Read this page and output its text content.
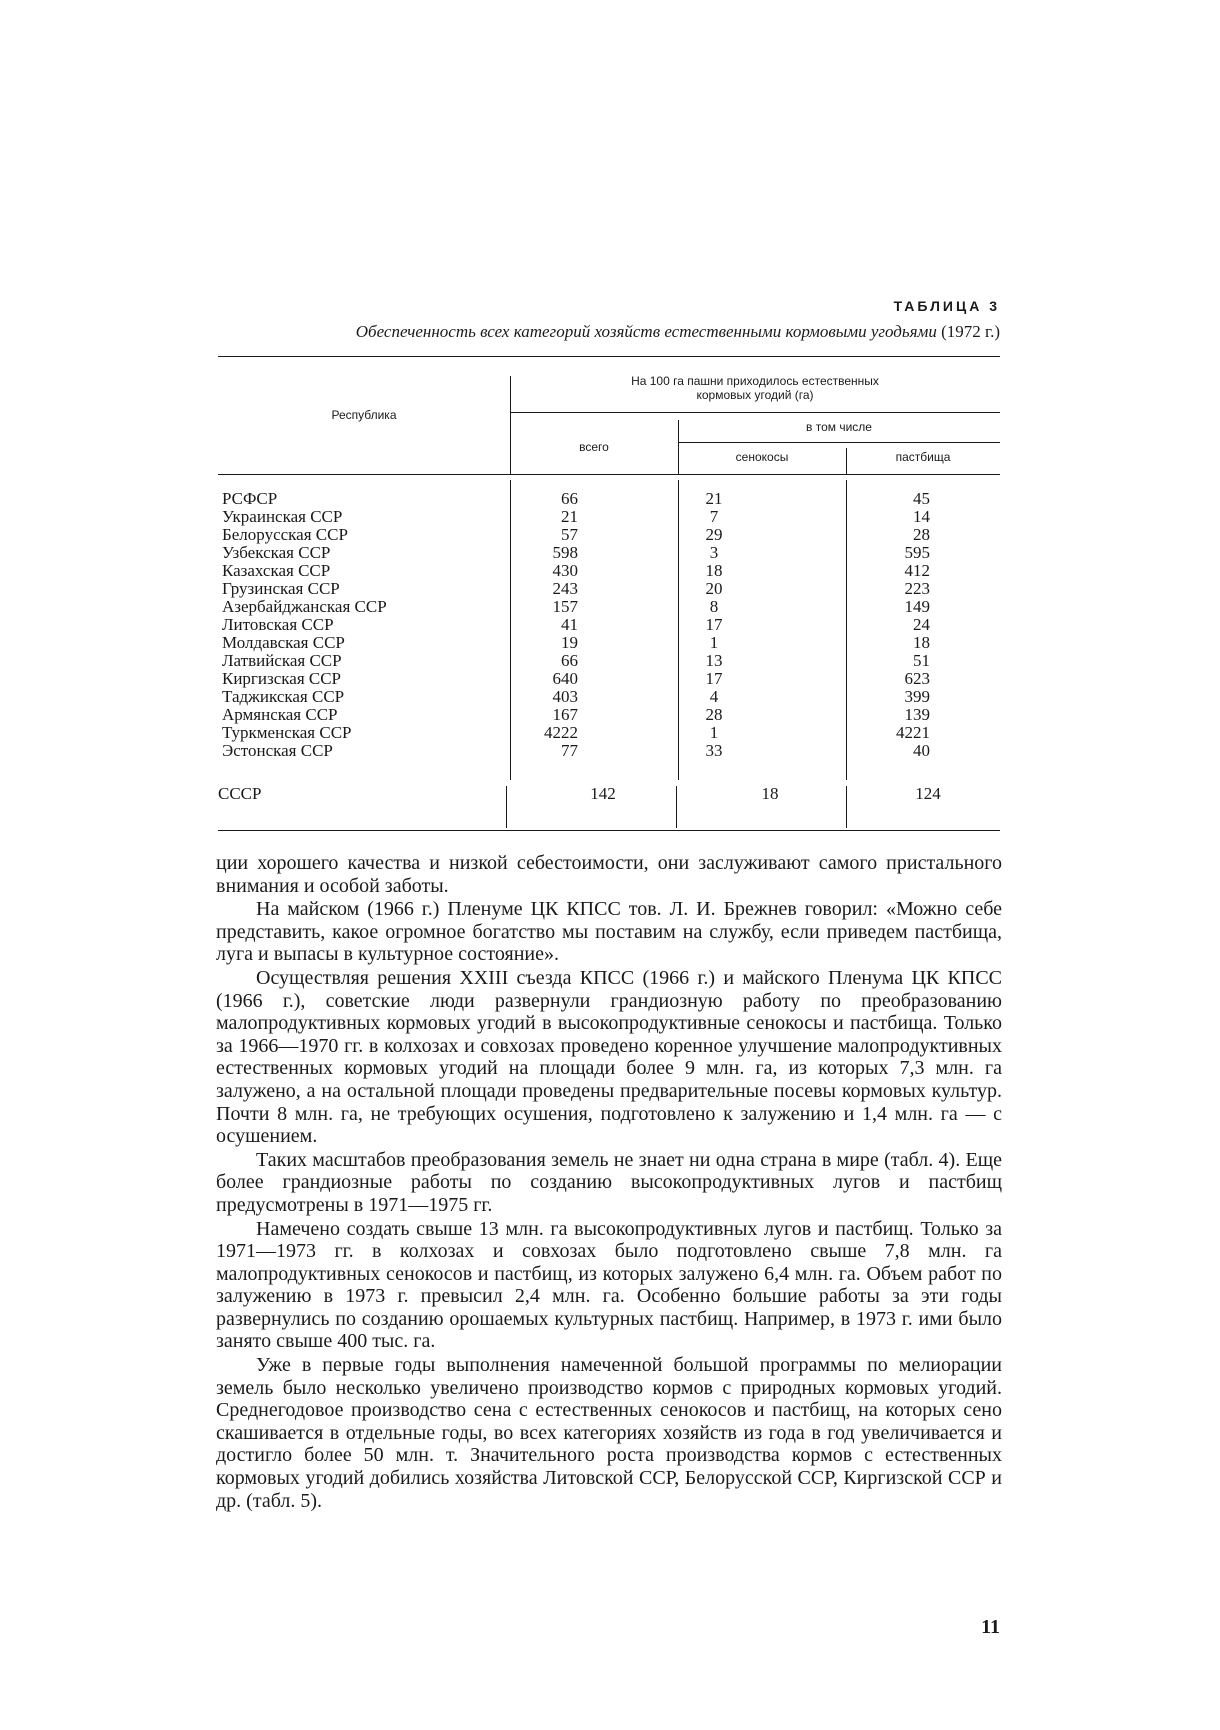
ТАБЛИЦА 3
Обеспеченность всех категорий хозяйств естественными кормовыми угодьями (1972 г.)
Республика
На 100 га пашни приходилось естественных
кормовых угодий (га)
всего
в том числе
сенокосы	пастбища
РСФСР	66	21	45
Украинская ССР	21	7	14
Белорусская ССР	57	29	28
Узбекская ССР	598	3	595
Казахская ССР	430	18	412
Грузинская ССР	243	20	223
Азербайджанская ССР	157	8	149
Литовская ССР	41	17	24
Молдавская ССР	19	1	18
Латвийская ССР	66	13	51
Киргизская ССР	640	17	623
Таджикская ССР	403	4	399
Армянская ССР	167	28	139
Туркменская ССР	4222	1	4221
Эстонская ССР	77	33	40
СССР	142	18	124

ции хорошего качества и низкой себестоимости, они заслуживают самого пристального внимания и особой заботы.

На майском (1966 г.) Пленуме ЦК КПСС тов. Л. И. Брежнев говорил: «Можно себе представить, какое огромное богатство мы поставим на службу, если приведем пастбища, луга и выпасы в культурное состояние».

Осуществляя решения XXIII съезда КПСС (1966 г.) и майского Пленума ЦК КПСС (1966 г.), советские люди развернули грандиозную работу по преобразованию малопродуктивных кормовых угодий в высокопродуктивные сенокосы и пастбища. Только за 1966—1970 гг. в колхозах и совхозах проведено коренное улучшение малопродуктивных естественных кормовых угодий на площади более 9 млн. га, из которых 7,3 млн. га залужено, а на остальной площади проведены предварительные посевы кормовых культур. Почти 8 млн. га, не требующих осушения, подготовлено к залужению и 1,4 млн. га — с осушением.

Таких масштабов преобразования земель не знает ни одна страна в мире (табл. 4). Еще более грандиозные работы по созданию высокопродуктивных лугов и пастбищ предусмотрены в 1971—1975 гг.

Намечено создать свыше 13 млн. га высокопродуктивных лугов и пастбищ. Только за 1971—1973 гг. в колхозах и совхозах было подготовлено свыше 7,8 млн. га малопродуктивных сенокосов и пастбищ, из которых залужено 6,4 млн. га. Объем работ по залужению в 1973 г. превысил 2,4 млн. га. Особенно большие работы за эти годы развернулись по созданию орошаемых культурных пастбищ. Например, в 1973 г. ими было занято свыше 400 тыс. га.

Уже в первые годы выполнения намеченной большой программы по мелиорации земель было несколько увеличено производство кормов с природных кормовых угодий. Среднегодовое производство сена с естественных сенокосов и пастбищ, на которых сено скашивается в отдельные годы, во всех категориях хозяйств из года в год увеличивается и достигло более 50 млн. т. Значительного роста производства кормов с естественных кормовых угодий добились хозяйства Литовской ССР, Белорусской ССР, Киргизской ССР и др. (табл. 5).

11
